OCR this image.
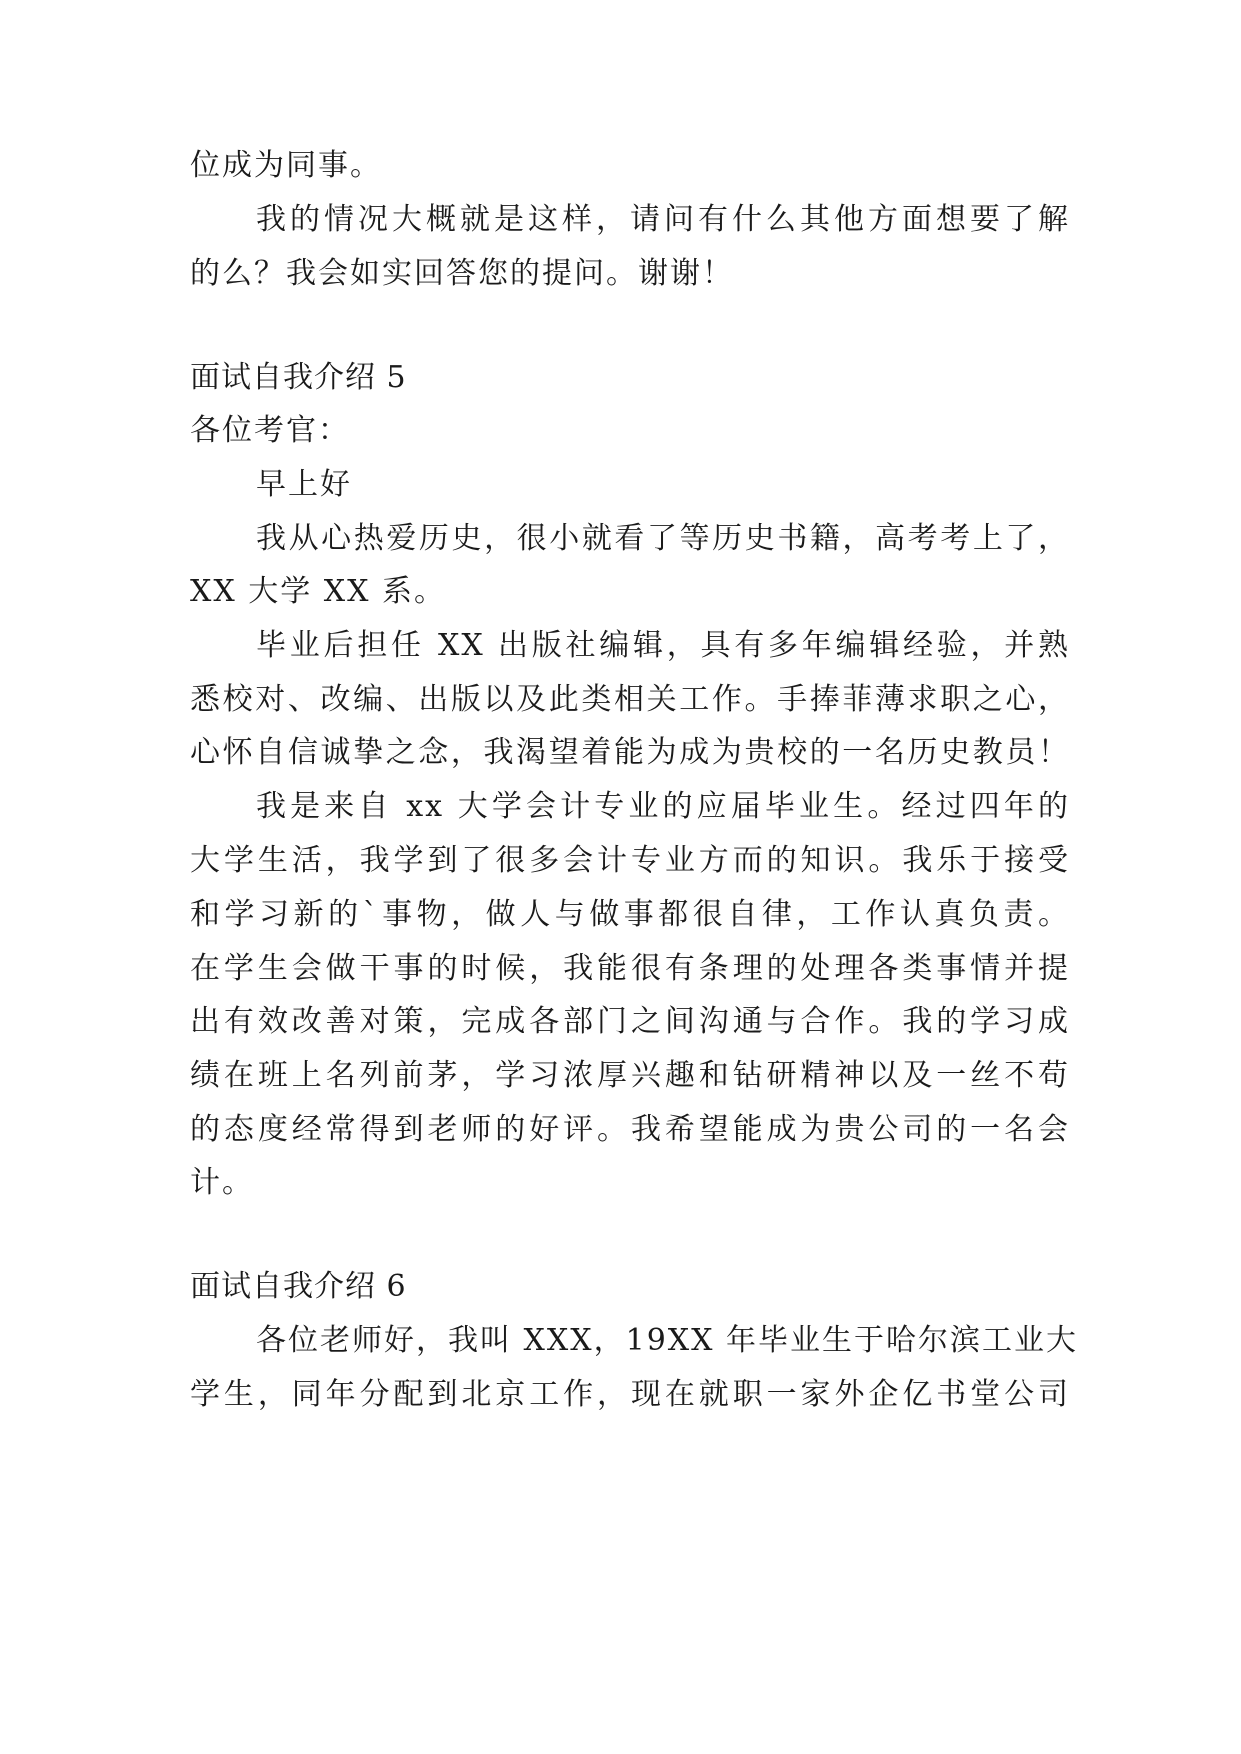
位成为同事。
我的情况大概就是这样，请问有什么其他方面想要了解
的么？我会如实回答您的提问。谢谢！
面试自我介绍 5
各位考官：
早上好
我从心热爱历史，很小就看了等历史书籍，高考考上了，
XX 大学 XX 系。
毕业后担任 XX 出版社编辑，具有多年编辑经验，并熟
悉校对、改编、出版以及此类相关工作。手捧菲薄求职之心，
心怀自信诚挚之念，我渴望着能为成为贵校的一名历史教员！
我是来自 xx 大学会计专业的应届毕业生。经过四年的
大学生活，我学到了很多会计专业方而的知识。我乐于接受
和学习新的`事物，做人与做事都很自律，工作认真负责。
在学生会做干事的时候，我能很有条理的处理各类事情并提
出有效改善对策，完成各部门之间沟通与合作。我的学习成
绩在班上名列前茅，学习浓厚兴趣和钻研精神以及一丝不苟
的态度经常得到老师的好评。我希望能成为贵公司的一名会
计。
面试自我介绍 6
各位老师好，我叫 XXX，19XX 年毕业生于哈尔滨工业大
学生，同年分配到北京工作，现在就职一家外企亿书堂公司
